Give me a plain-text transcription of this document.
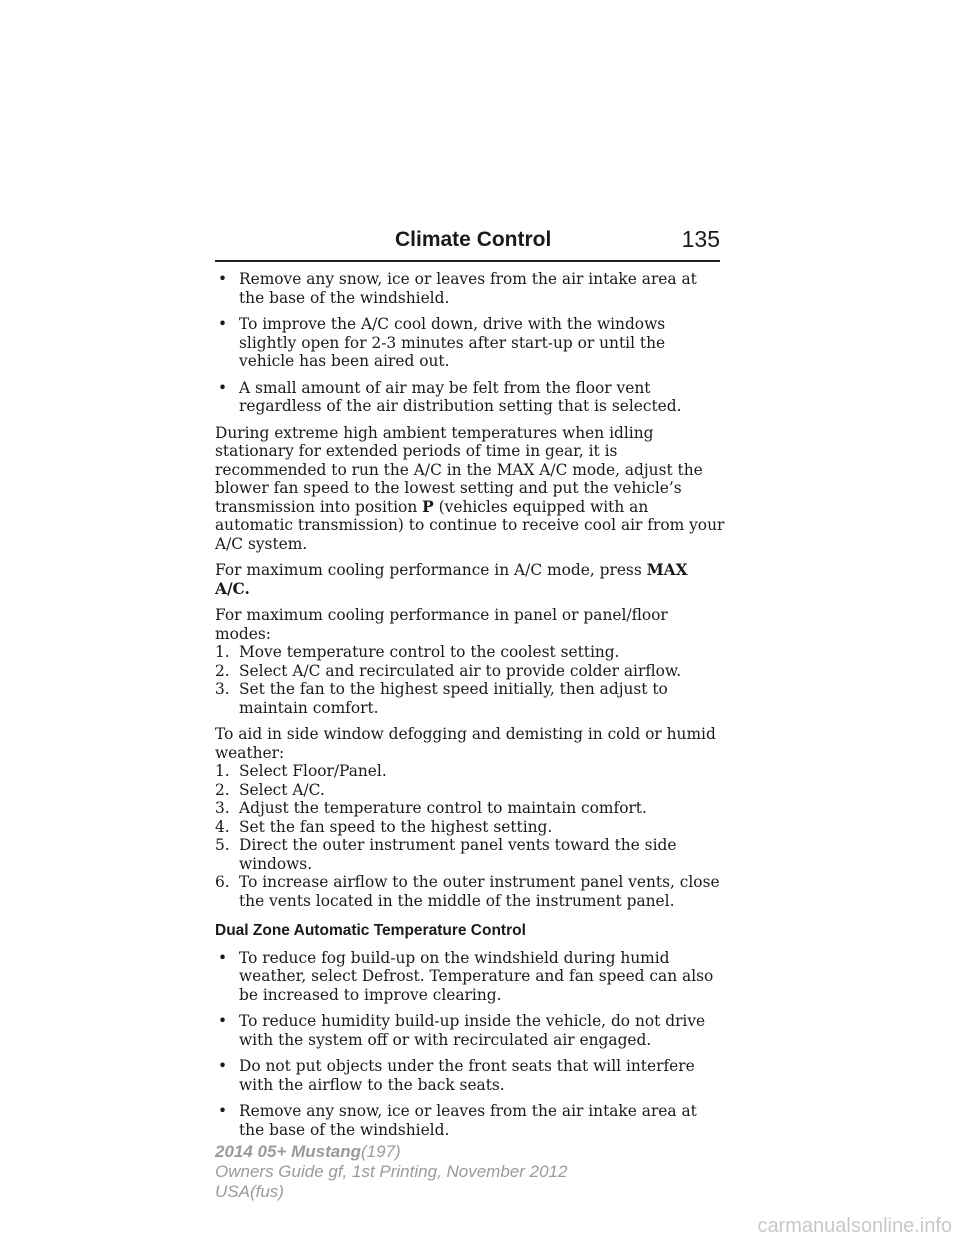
Climate Control	135
• Remove any snow, ice or leaves from the air intake area at the base of the windshield.
• To improve the A/C cool down, drive with the windows slightly open for 2-3 minutes after start-up or until the vehicle has been aired out.
• A small amount of air may be felt from the floor vent regardless of the air distribution setting that is selected.
During extreme high ambient temperatures when idling stationary for extended periods of time in gear, it is recommended to run the A/C in the MAX A/C mode, adjust the blower fan speed to the lowest setting and put the vehicle’s transmission into position P (vehicles equipped with an automatic transmission) to continue to receive cool air from your A/C system.
For maximum cooling performance in A/C mode, press MAX A/C.
For maximum cooling performance in panel or panel/floor modes:
1. Move temperature control to the coolest setting.
2. Select A/C and recirculated air to provide colder airflow.
3. Set the fan to the highest speed initially, then adjust to maintain comfort.
To aid in side window defogging and demisting in cold or humid weather:
1. Select Floor/Panel.
2. Select A/C.
3. Adjust the temperature control to maintain comfort.
4. Set the fan speed to the highest setting.
5. Direct the outer instrument panel vents toward the side windows.
6. To increase airflow to the outer instrument panel vents, close the vents located in the middle of the instrument panel.
Dual Zone Automatic Temperature Control
• To reduce fog build-up on the windshield during humid weather, select Defrost. Temperature and fan speed can also be increased to improve clearing.
• To reduce humidity build-up inside the vehicle, do not drive with the system off or with recirculated air engaged.
• Do not put objects under the front seats that will interfere with the airflow to the back seats.
• Remove any snow, ice or leaves from the air intake area at the base of the windshield.
2014 05+ Mustang(197)
Owners Guide gf, 1st Printing, November 2012
USA(fus)
carmanualsonline.info
